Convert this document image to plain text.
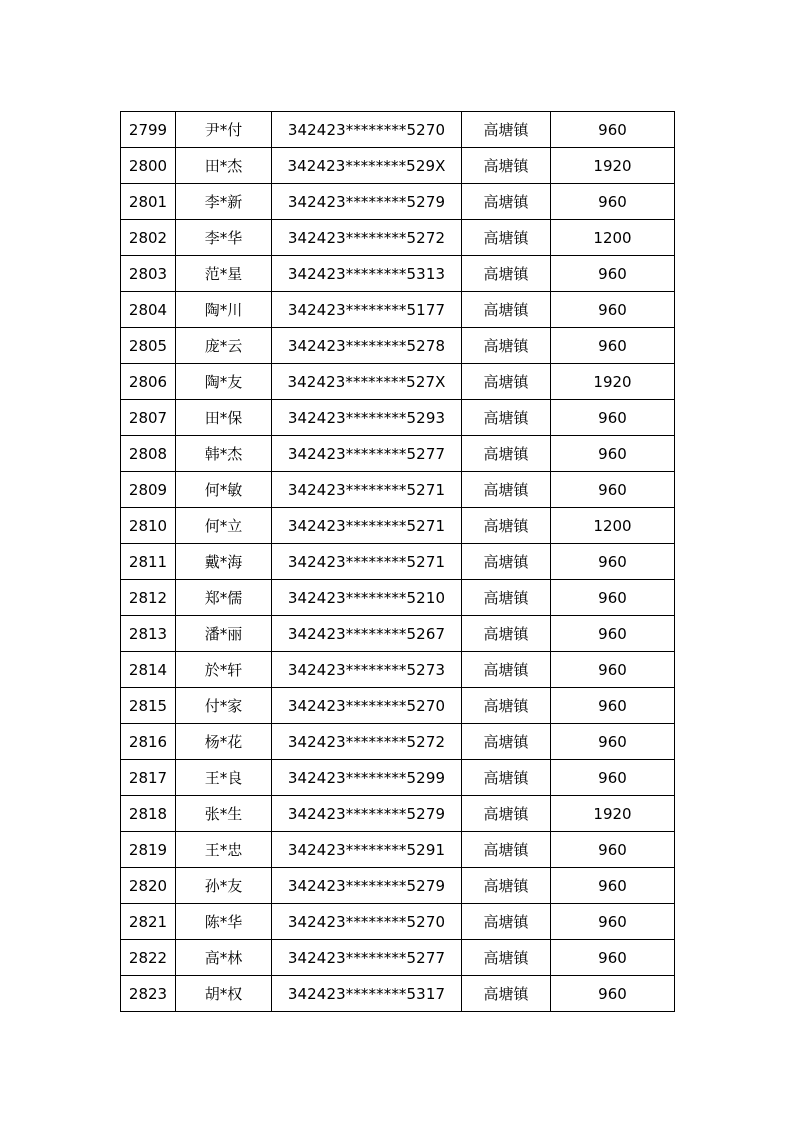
2799	尹*付	342423********5270	高塘镇	960
2800	田*杰	342423********529X	高塘镇	1920
2801	李*新	342423********5279	高塘镇	960
2802	李*华	342423********5272	高塘镇	1200
2803	范*星	342423********5313	高塘镇	960
2804	陶*川	342423********5177	高塘镇	960
2805	庞*云	342423********5278	高塘镇	960
2806	陶*友	342423********527X	高塘镇	1920
2807	田*保	342423********5293	高塘镇	960
2808	韩*杰	342423********5277	高塘镇	960
2809	何*敏	342423********5271	高塘镇	960
2810	何*立	342423********5271	高塘镇	1200
2811	戴*海	342423********5271	高塘镇	960
2812	郑*儒	342423********5210	高塘镇	960
2813	潘*丽	342423********5267	高塘镇	960
2814	於*轩	342423********5273	高塘镇	960
2815	付*家	342423********5270	高塘镇	960
2816	杨*花	342423********5272	高塘镇	960
2817	王*良	342423********5299	高塘镇	960
2818	张*生	342423********5279	高塘镇	1920
2819	王*忠	342423********5291	高塘镇	960
2820	孙*友	342423********5279	高塘镇	960
2821	陈*华	342423********5270	高塘镇	960
2822	高*林	342423********5277	高塘镇	960
2823	胡*权	342423********5317	高塘镇	960
